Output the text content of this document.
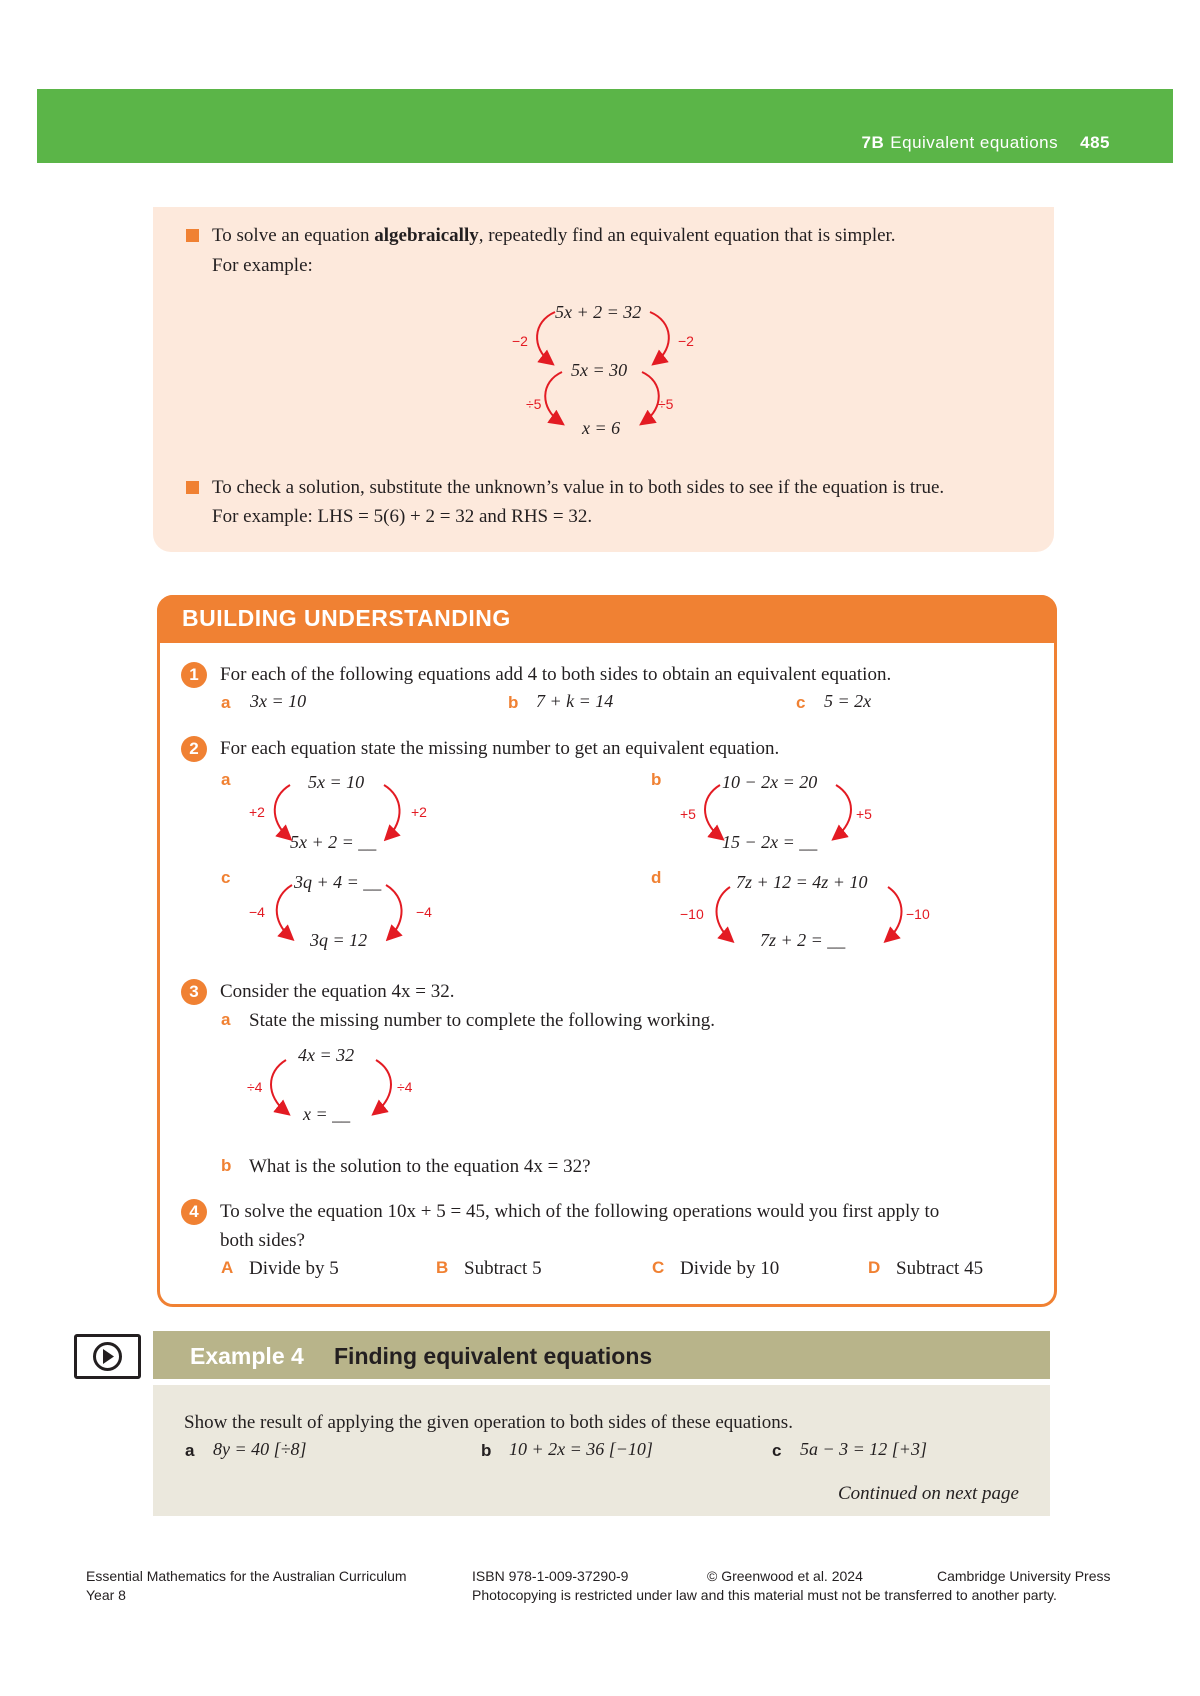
7B Equivalent equations 485
To solve an equation algebraically, repeatedly find an equivalent equation that is simpler.
For example:
5x + 2 = 32
5x = 30
x = 6
−2	−2
÷5	÷5
To check a solution, substitute the unknown’s value in to both sides to see if the equation is true.
For example: LHS = 5(6) + 2 = 32 and RHS = 32.
BUILDING UNDERSTANDING
1	For each of the following equations add 4 to both sides to obtain an equivalent equation.
a 3x = 10	b 7 + k = 14	c 5 = 2x
2	For each equation state the missing number to get an equivalent equation.
a	5x = 10
5x + 2 = __
+2	+2
b	10 − 2x = 20
15 − 2x = __
+5	+5
c	3q + 4 = __
3q = 12
−4	−4
d	7z + 12 = 4z + 10
7z + 2 = __
−10	−10
3	Consider the equation 4x = 32.
a State the missing number to complete the following working.
4x = 32
x = __
÷4	÷4
b What is the solution to the equation 4x = 32?
4	To solve the equation 10x + 5 = 45, which of the following operations would you first apply to
both sides?
A Divide by 5	B Subtract 5	C Divide by 10	D Subtract 45
Example 4 Finding equivalent equations
Show the result of applying the given operation to both sides of these equations.
a 8y = 40 [÷8]	b 10 + 2x = 36 [−10]	c 5a − 3 = 12 [+3]
Continued on next page
Essential Mathematics for the Australian Curriculum
Year 8
ISBN 978-1-009-37290-9	© Greenwood et al. 2024	Cambridge University Press
Photocopying is restricted under law and this material must not be transferred to another party.
